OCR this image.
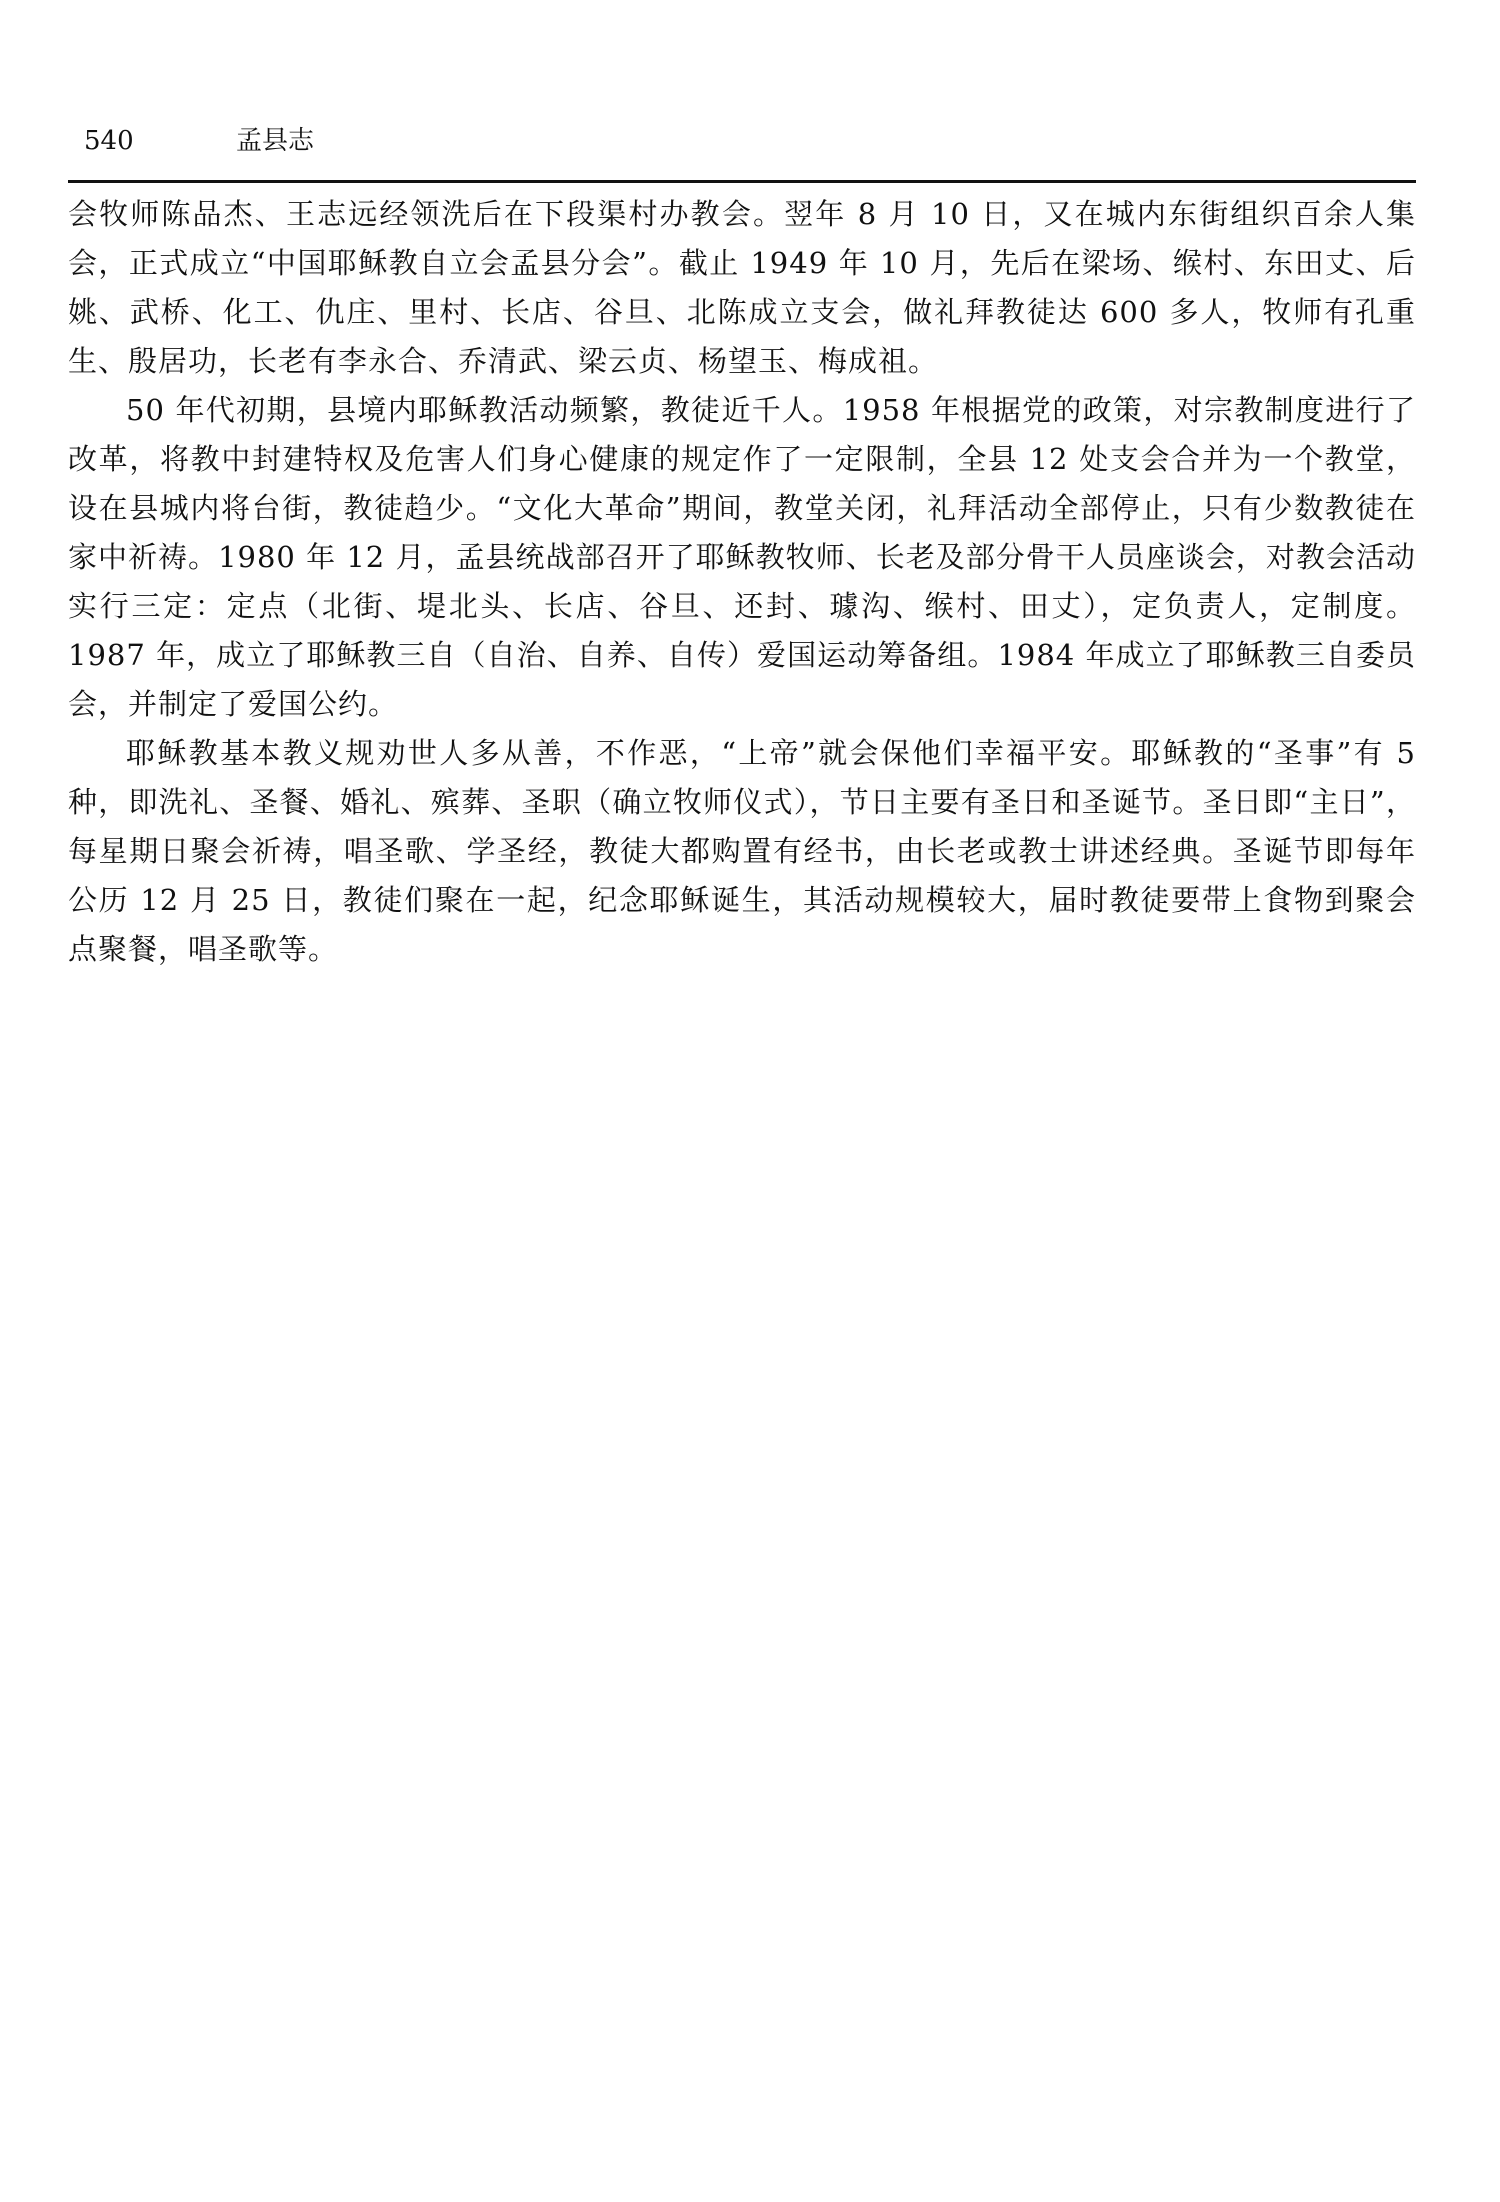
540	孟县志

会牧师陈品杰、王志远经领洗后在下段渠村办教会。翌年 8 月 10 日，又在城内东街组织百余人集会，正式成立“中国耶稣教自立会孟县分会”。截止 1949 年 10 月，先后在梁场、缑村、东田丈、后姚、武桥、化工、仇庄、里村、长店、谷旦、北陈成立支会，做礼拜教徒达 600 多人，牧师有孔重生、殷居功，长老有李永合、乔清武、梁云贞、杨望玉、梅成祖。

50 年代初期，县境内耶稣教活动频繁，教徒近千人。1958 年根据党的政策，对宗教制度进行了改革，将教中封建特权及危害人们身心健康的规定作了一定限制，全县 12 处支会合并为一个教堂，设在县城内将台街，教徒趋少。“文化大革命”期间，教堂关闭，礼拜活动全部停止，只有少数教徒在家中祈祷。1980 年 12 月，孟县统战部召开了耶稣教牧师、长老及部分骨干人员座谈会，对教会活动实行三定：定点（北街、堤北头、长店、谷旦、还封、璩沟、缑村、田丈），定负责人，定制度。1987 年，成立了耶稣教三自（自治、自养、自传）爱国运动筹备组。1984 年成立了耶稣教三自委员会，并制定了爱国公约。

耶稣教基本教义规劝世人多从善，不作恶，“上帝”就会保他们幸福平安。耶稣教的“圣事”有 5 种，即洗礼、圣餐、婚礼、殡葬、圣职（确立牧师仪式），节日主要有圣日和圣诞节。圣日即“主日”，每星期日聚会祈祷，唱圣歌、学圣经，教徒大都购置有经书，由长老或教士讲述经典。圣诞节即每年公历 12 月 25 日，教徒们聚在一起，纪念耶稣诞生，其活动规模较大，届时教徒要带上食物到聚会点聚餐，唱圣歌等。
